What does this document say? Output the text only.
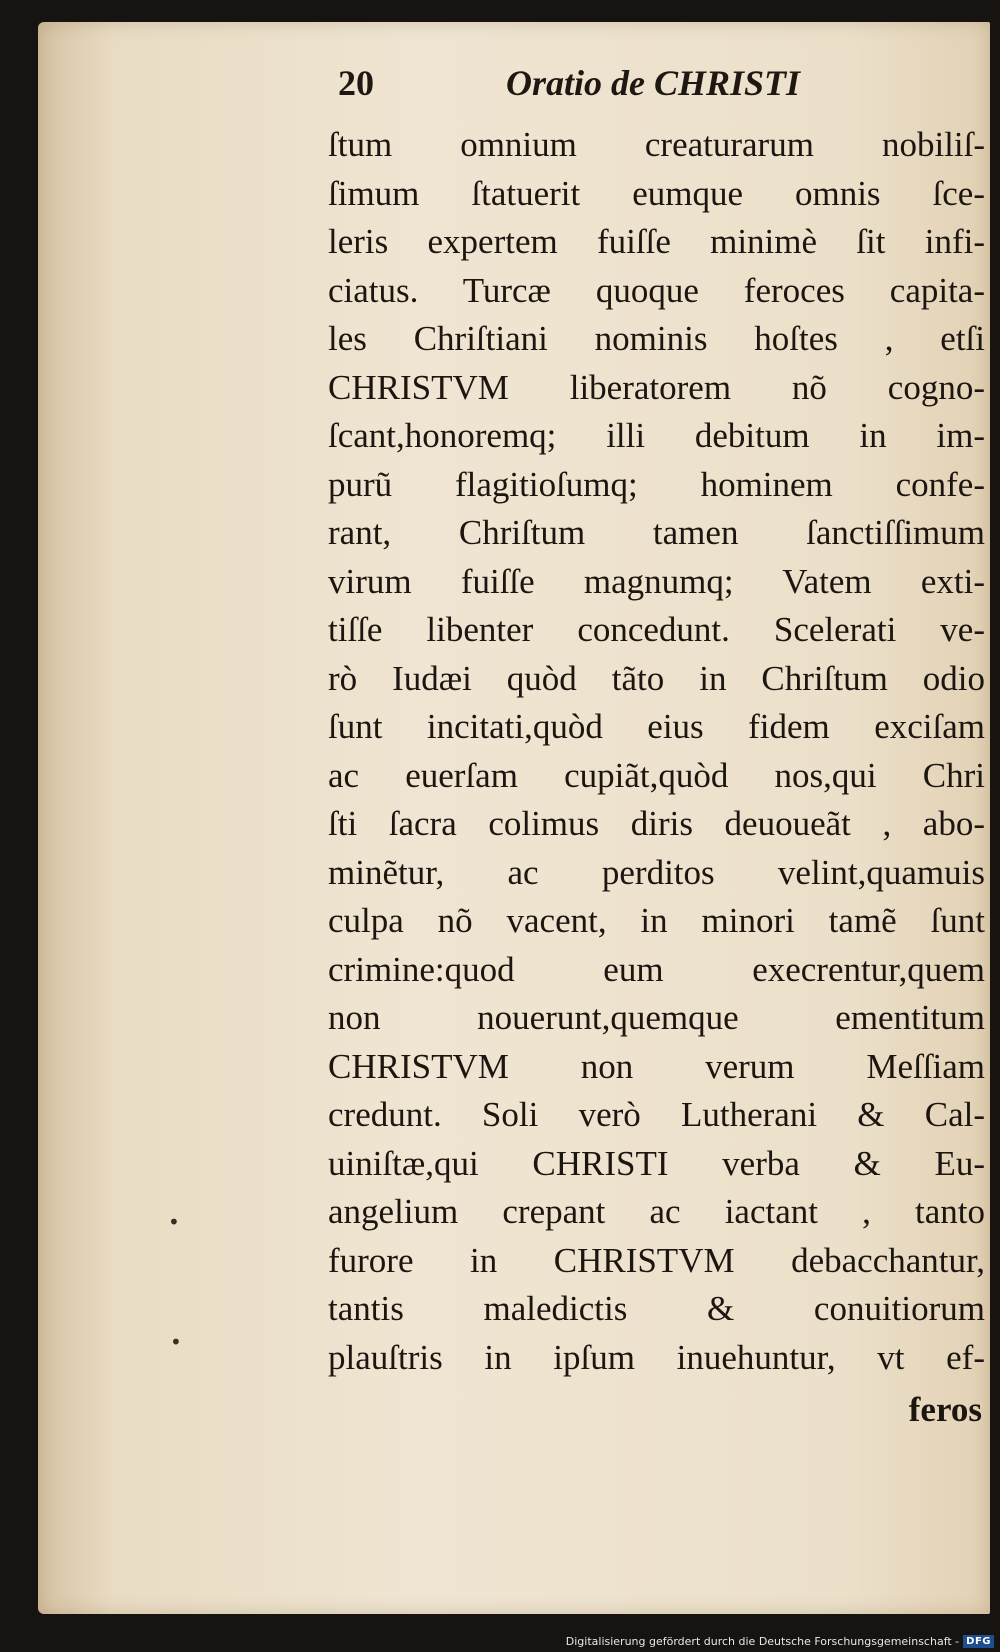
20	Oratio de CHRISTI
ſtum omnium creaturarum nobiliſ-
ſimum ſtatuerit eumque omnis ſce-
leris expertem fuiſſe minimè ſit infi-
ciatus. Turcæ quoque feroces capita-
les Chriſtiani nominis hoſtes , etſi
CHRISTVM liberatorem nõ cogno-
ſcant,honoremq; illi debitum in im-
purũ flagitioſumq; hominem confe-
rant, Chriſtum tamen ſanctiſſimum
virum fuiſſe magnumq; Vatem exti-
tiſſe libenter concedunt. Scelerati ve-
rò Iudæi quòd tãto in Chriſtum odio
ſunt incitati,quòd eius fidem exciſam
ac euerſam cupiãt,quòd nos,qui Chri
ſti ſacra colimus diris deuoueãt , abo-
minẽtur, ac perditos velint,quamuis
culpa nõ vacent, in minori tamẽ ſunt
crimine:quod eum execrentur,quem
non nouerunt,quemque ementitum
CHRISTVM non verum Meſſiam
credunt. Soli verò Lutherani & Cal-
uiniſtæ,qui CHRISTI verba & Eu-
angelium crepant ac iactant , tanto
furore in CHRISTVM debacchantur,
tantis maledictis & conuitiorum
plauſtris in ipſum inuehuntur, vt ef-
feros
•
•
Digitalisierung gefördert durch die Deutsche Forschungsgemeinschaft - DFG
